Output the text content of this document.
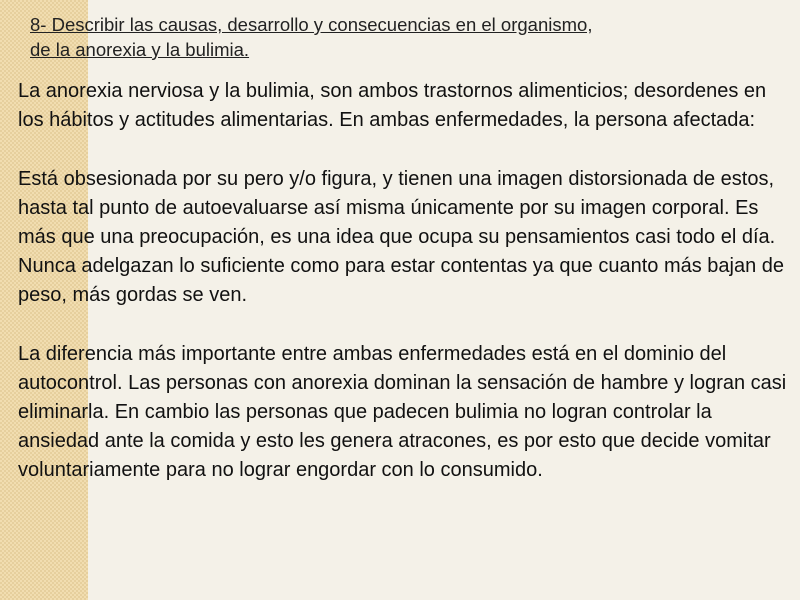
8- Describir las causas, desarrollo y consecuencias en el organismo,
de la anorexia y la bulimia.

La anorexia nerviosa y la bulimia, son ambos trastornos alimenticios; desordenes en los hábitos y actitudes alimentarias. En ambas enfermedades, la persona afectada:

Está obsesionada por su pero y/o figura, y tienen una imagen distorsionada de estos, hasta tal punto de autoevaluarse así misma únicamente por su imagen corporal. Es más que una preocupación, es una idea que ocupa su pensamientos casi todo el día. Nunca adelgazan lo suficiente como para estar contentas ya que cuanto más bajan de peso, más gordas se ven.

La diferencia más importante entre ambas enfermedades está en el dominio del autocontrol. Las personas con anorexia dominan la sensación de hambre y logran casi eliminarla. En cambio las personas que padecen bulimia no logran controlar la ansiedad ante la comida y esto les genera atracones, es por esto que decide vomitar voluntariamente para no lograr engordar con lo consumido.
